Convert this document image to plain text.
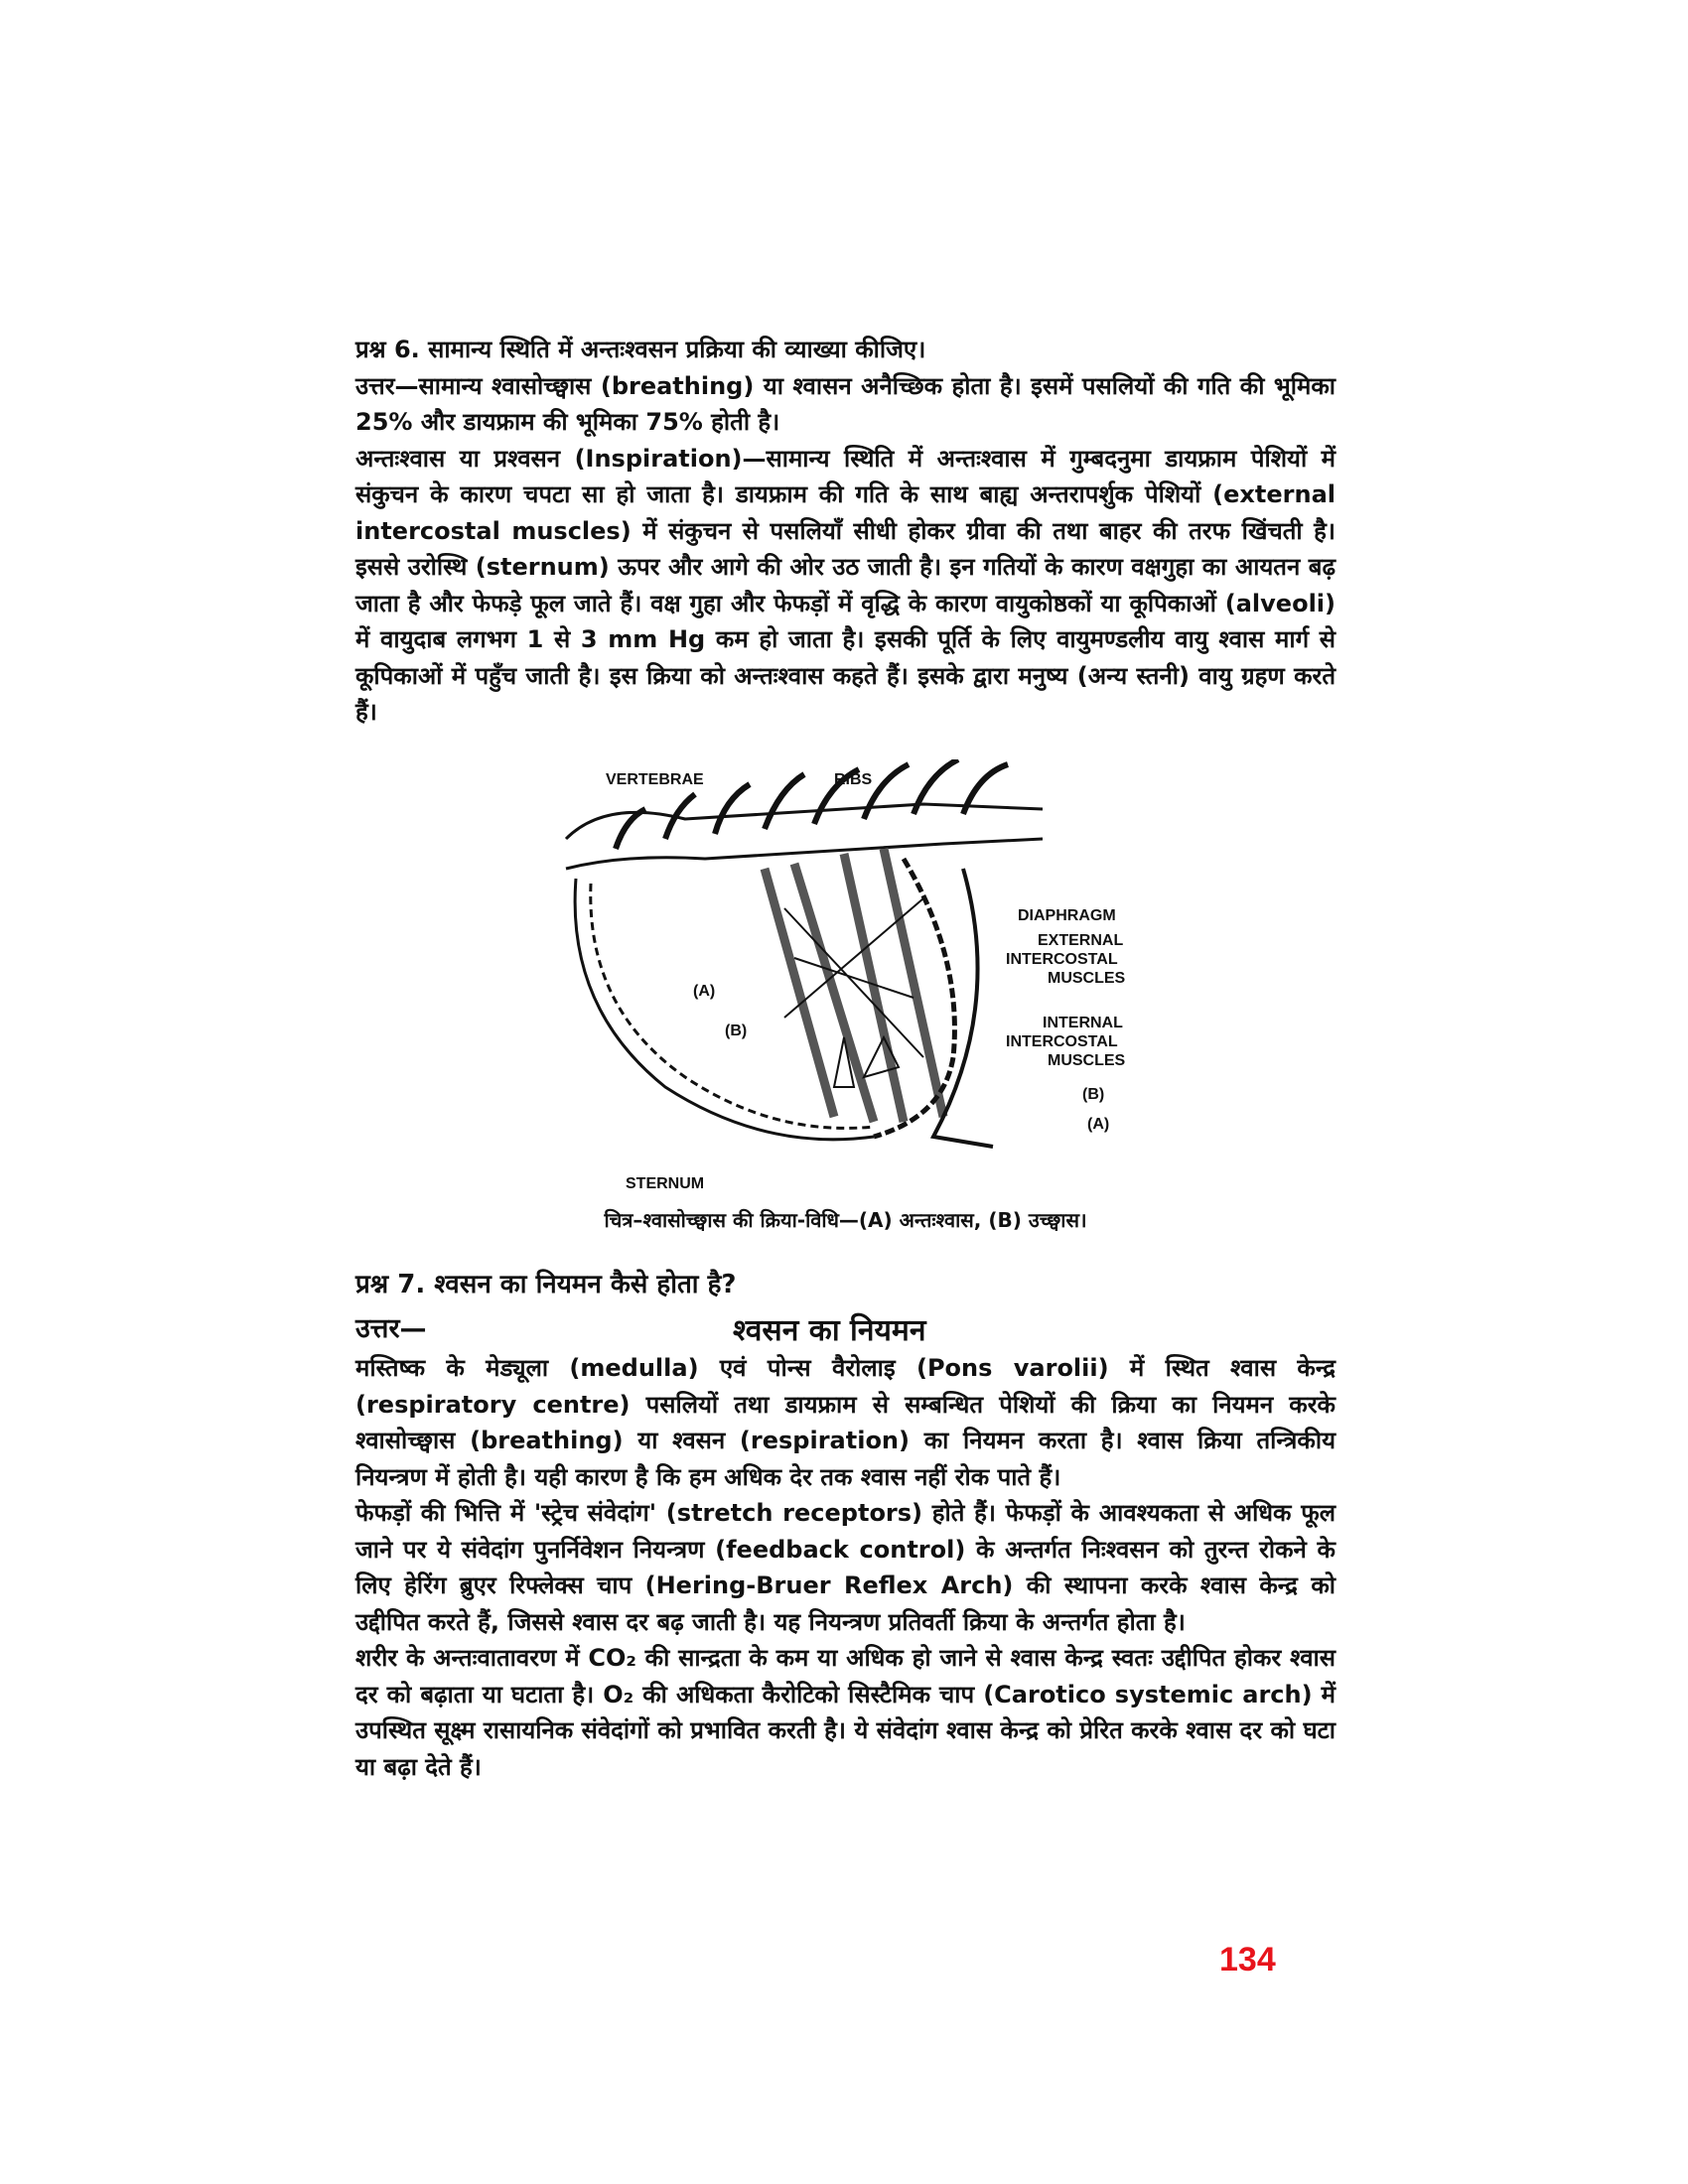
प्रश्न 6. सामान्य स्थिति में अन्तःश्वसन प्रक्रिया की व्याख्या कीजिए।

उत्तर—सामान्य श्वासोच्छ्वास (breathing) या श्वासन अनैच्छिक होता है। इसमें पसलियों की गति की भूमिका 25% और डायफ्राम की भूमिका 75% होती है।

अन्तःश्वास या प्रश्वसन (Inspiration)—सामान्य स्थिति में अन्तःश्वास में गुम्बदनुमा डायफ्राम पेशियों में संकुचन के कारण चपटा सा हो जाता है। डायफ्राम की गति के साथ बाह्य अन्तरापर्शुक पेशियों (external intercostal muscles) में संकुचन से पसलियाँ सीधी होकर ग्रीवा की तथा बाहर की तरफ खिंचती है। इससे उरोस्थि (sternum) ऊपर और आगे की ओर उठ जाती है। इन गतियों के कारण वक्षगुहा का आयतन बढ़ जाता है और फेफड़े फूल जाते हैं। वक्ष गुहा और फेफड़ों में वृद्धि के कारण वायुकोष्ठकों या कूपिकाओं (alveoli) में वायुदाब लगभग 1 से 3 mm Hg कम हो जाता है। इसकी पूर्ति के लिए वायुमण्डलीय वायु श्वास मार्ग से कूपिकाओं में पहुँच जाती है। इस क्रिया को अन्तःश्वास कहते हैं। इसके द्वारा मनुष्य (अन्य स्तनी) वायु ग्रहण करते हैं।

VERTEBRAE	RIBS
DIAPHRAGM
EXTERNAL
INTERCOSTAL
MUSCLES
INTERNAL
INTERCOSTAL
MUSCLES
(A)
(B)
(B)
(A)
STERNUM
चित्र–श्वासोच्छ्वास की क्रिया-विधि—(A) अन्तःश्वास, (B) उच्छ्वास।
प्रश्न 7. श्वसन का नियमन कैसे होता है?
उत्तर—	श्वसन का नियमन

मस्तिष्क के मेड्यूला (medulla) एवं पोन्स वैरोलाइ (Pons varolii) में स्थित श्वास केन्द्र (respiratory centre) पसलियों तथा डायफ्राम से सम्बन्धित पेशियों की क्रिया का नियमन करके श्वासोच्छ्वास (breathing) या श्वसन (respiration) का नियमन करता है। श्वास क्रिया तन्त्रिकीय नियन्त्रण में होती है। यही कारण है कि हम अधिक देर तक श्वास नहीं रोक पाते हैं।

फेफड़ों की भित्ति में 'स्ट्रेच संवेदांग' (stretch receptors) होते हैं। फेफड़ों के आवश्यकता से अधिक फूल जाने पर ये संवेदांग पुनर्निवेशन नियन्त्रण (feedback control) के अन्तर्गत निःश्वसन को तुरन्त रोकने के लिए हेरिंग ब्रुएर रिफ्लेक्स चाप (Hering-Bruer Reflex Arch) की स्थापना करके श्वास केन्द्र को उद्दीपित करते हैं, जिससे श्वास दर बढ़ जाती है। यह नियन्त्रण प्रतिवर्ती क्रिया के अन्तर्गत होता है।

शरीर के अन्तःवातावरण में CO₂ की सान्द्रता के कम या अधिक हो जाने से श्वास केन्द्र स्वतः उद्दीपित होकर श्वास दर को बढ़ाता या घटाता है। O₂ की अधिकता कैरोटिको सिस्टैमिक चाप (Carotico systemic arch) में उपस्थित सूक्ष्म रासायनिक संवेदांगों को प्रभावित करती है। ये संवेदांग श्वास केन्द्र को प्रेरित करके श्वास दर को घटा या बढ़ा देते हैं।

134
